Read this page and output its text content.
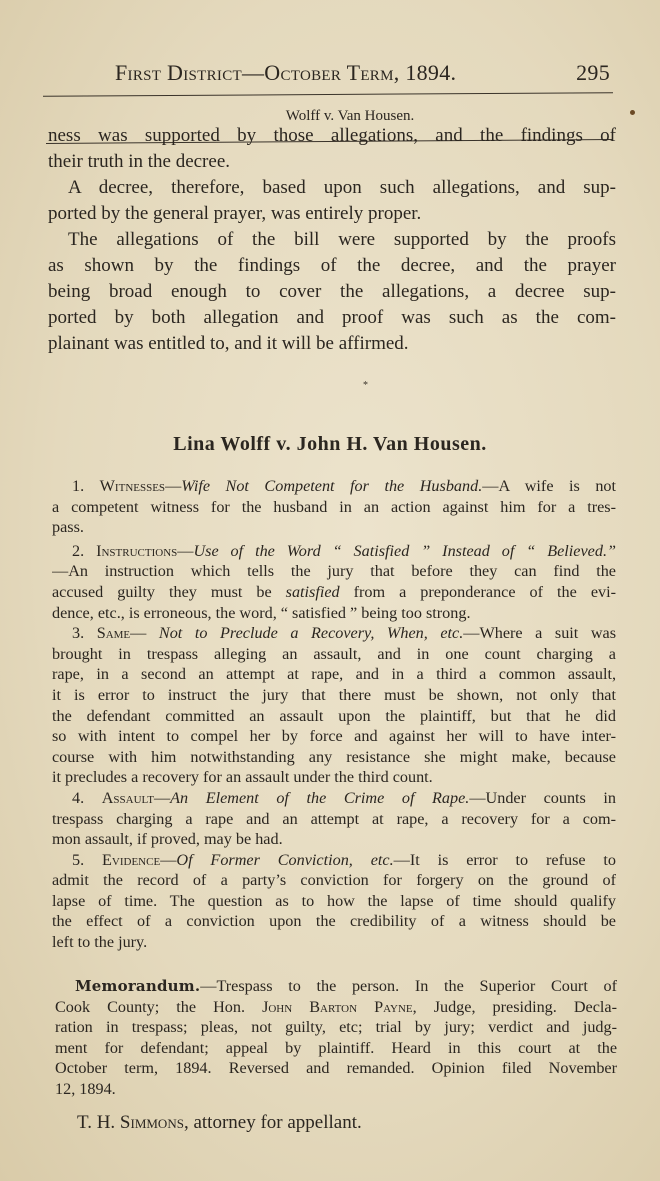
First District—October Term, 1894.	295
Wolff v. Van Housen.
ness was supported by those allegations, and the findings of
their truth in the decree.
A decree, therefore, based upon such allegations, and sup-
ported by the general prayer, was entirely proper.
The allegations of the bill were supported by the proofs
as shown by the findings of the decree, and the prayer
being broad enough to cover the allegations, a decree sup-
ported by both allegation and proof was such as the com-
plainant was entitled to, and it will be affirmed.
*
Lina Wolff v. John H. Van Housen.
1. Witnesses—Wife Not Competent for the Husband.—A wife is not
a competent witness for the husband in an action against him for a tres-
pass.
2. Instructions—Use of the Word “ Satisfied ” Instead of “ Believed.”
—An instruction which tells the jury that before they can find the
accused guilty they must be satisfied from a preponderance of the evi-
dence, etc., is erroneous, the word, “ satisfied ” being too strong.
3. Same— Not to Preclude a Recovery, When, etc.—Where a suit was
brought in trespass alleging an assault, and in one count charging a
rape, in a second an attempt at rape, and in a third a common assault,
it is error to instruct the jury that there must be shown, not only that
the defendant committed an assault upon the plaintiff, but that he did
so with intent to compel her by force and against her will to have inter-
course with him notwithstanding any resistance she might make, because
it precludes a recovery for an assault under the third count.
4. Assault—An Element of the Crime of Rape.—Under counts in
trespass charging a rape and an attempt at rape, a recovery for a com-
mon assault, if proved, may be had.
5. Evidence—Of Former Conviction, etc.—It is error to refuse to
admit the record of a party’s conviction for forgery on the ground of
lapse of time. The question as to how the lapse of time should qualify
the effect of a conviction upon the credibility of a witness should be
left to the jury.
Memorandum.—Trespass to the person. In the Superior Court of
Cook County; the Hon. John Barton Payne, Judge, presiding. Decla-
ration in trespass; pleas, not guilty, etc; trial by jury; verdict and judg-
ment for defendant; appeal by plaintiff. Heard in this court at the
October term, 1894. Reversed and remanded. Opinion filed November
12, 1894.
T. H. Simmons, attorney for appellant.
